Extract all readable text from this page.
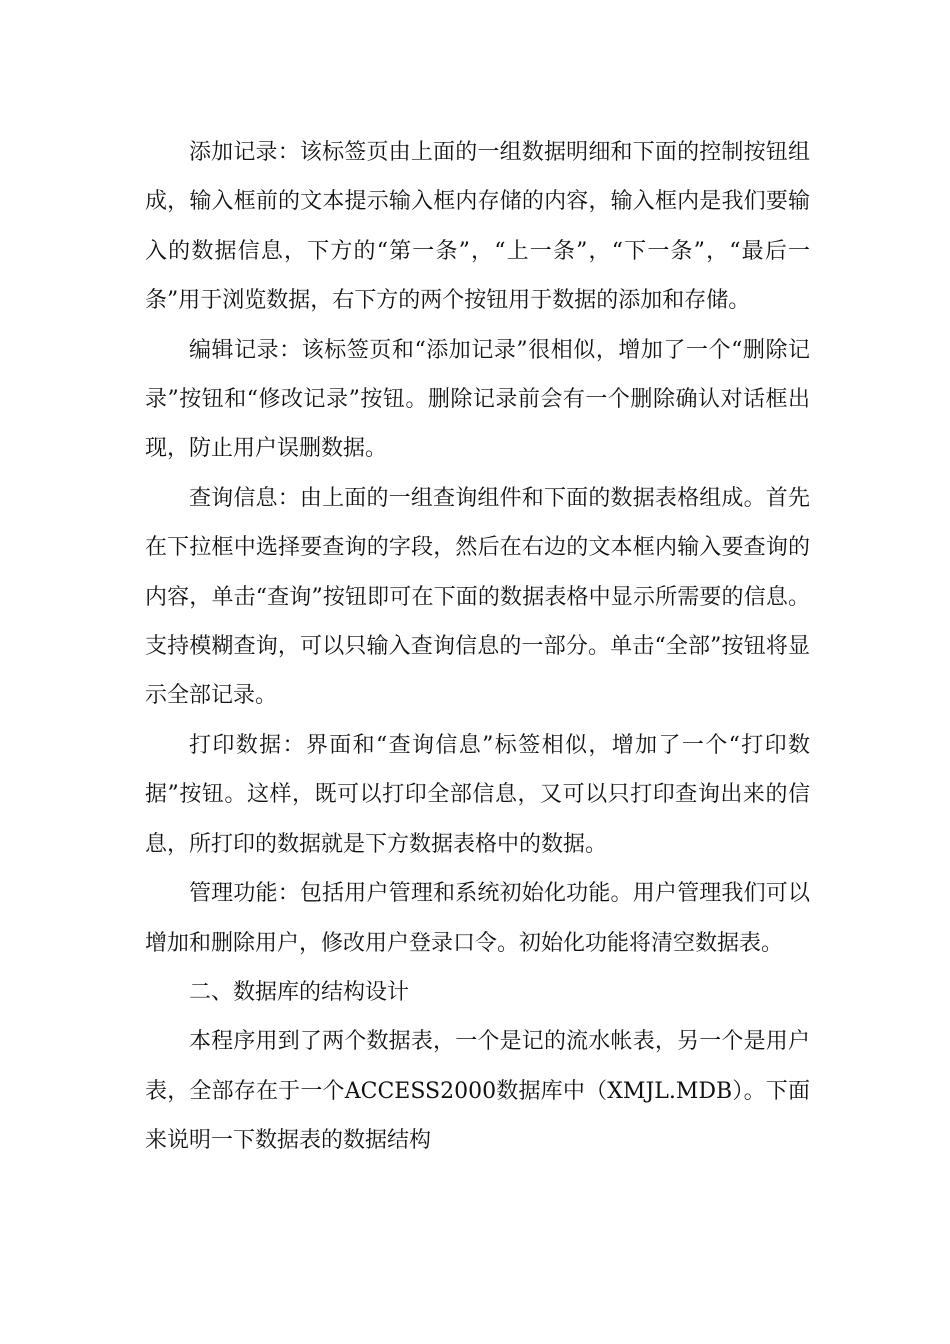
添加记录：该标签页由上面的一组数据明细和下面的控制按钮组成，输入框前的文本提示输入框内存储的内容，输入框内是我们要输入的数据信息，下方的“第一条”，“上一条”，“下一条”，“最后一条”用于浏览数据，右下方的两个按钮用于数据的添加和存储。

编辑记录：该标签页和“添加记录”很相似，增加了一个“删除记录”按钮和“修改记录”按钮。删除记录前会有一个删除确认对话框出现，防止用户误删数据。

查询信息：由上面的一组查询组件和下面的数据表格组成。首先在下拉框中选择要查询的字段，然后在右边的文本框内输入要查询的内容，单击“查询”按钮即可在下面的数据表格中显示所需要的信息。支持模糊查询，可以只输入查询信息的一部分。单击“全部”按钮将显示全部记录。

打印数据：界面和“查询信息”标签相似，增加了一个“打印数据”按钮。这样，既可以打印全部信息，又可以只打印查询出来的信息，所打印的数据就是下方数据表格中的数据。

管理功能：包括用户管理和系统初始化功能。用户管理我们可以增加和删除用户，修改用户登录口令。初始化功能将清空数据表。

二、数据库的结构设计

本程序用到了两个数据表，一个是记的流水帐表，另一个是用户表，全部存在于一个ACCESS2000数据库中（XMJL.MDB）。下面来说明一下数据表的数据结构
